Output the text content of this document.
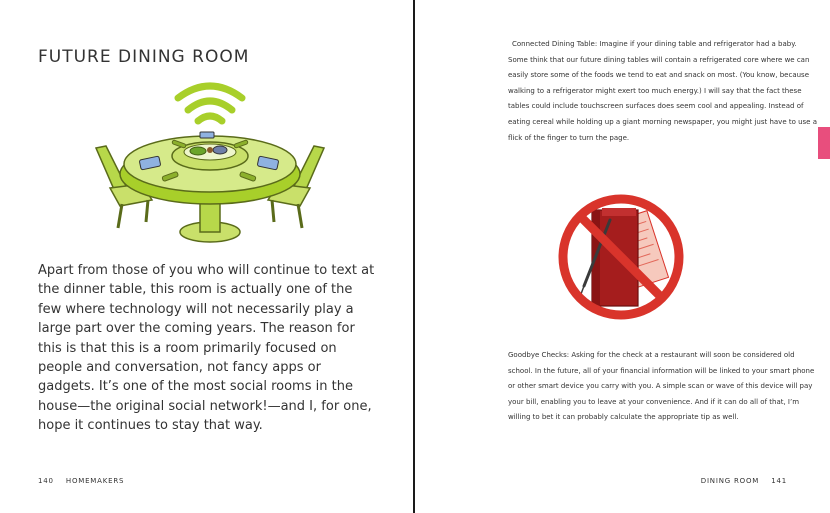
FUTURE DINING ROOM

Apart from those of you who will continue to text at the dinner table, this room is actually one of the few where technology will not necessarily play a large part over the coming years. The reason for this is that this is a room primarily focused on people and conversation, not fancy apps or gadgets. It’s one of the most social rooms in the house—the original social network!—and I, for one, hope it continues to stay that way.

140 HOMEMAKERS

Connected Dining Table: Imagine if your dining table and refrigerator had a baby. Some think that our future dining tables will contain a refrigerated core where we can easily store some of the foods we tend to eat and snack on most. (You know, because walking to a refrigerator might exert too much energy.) I will say that the fact these tables could include touchscreen surfaces does seem cool and appealing. Instead of eating cereal while holding up a giant morning newspaper, you might just have to use a flick of the finger to turn the page.

Goodbye Checks: Asking for the check at a restaurant will soon be considered old school. In the future, all of your financial information will be linked to your smart phone or other smart device you carry with you. A simple scan or wave of this device will pay your bill, enabling you to leave at your convenience. And if it can do all of that, I’m willing to bet it can probably calculate the appropriate tip as well.

DINING ROOM 141
